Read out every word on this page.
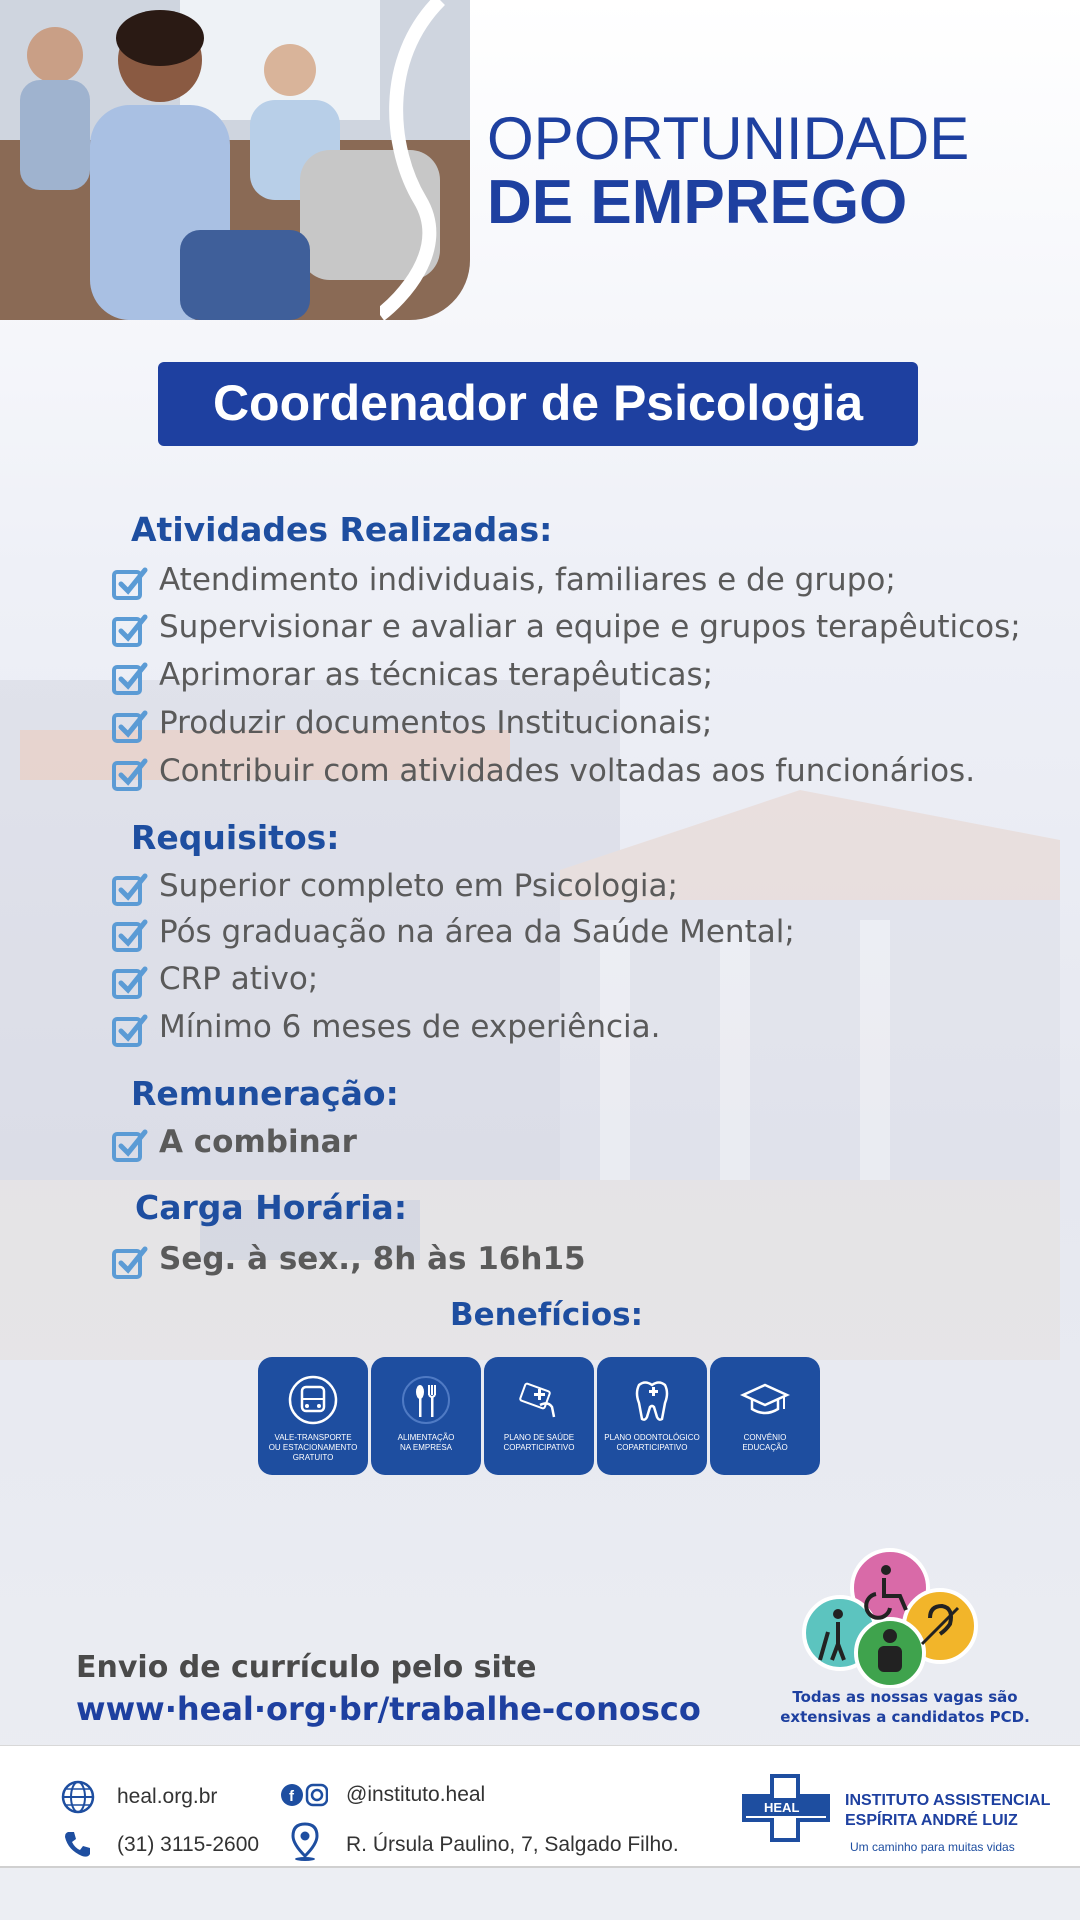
OPORTUNIDADE
DE EMPREGO
Coordenador de Psicologia
Atividades Realizadas:
Atendimento individuais, familiares e de grupo;
Supervisionar e avaliar a equipe e grupos terapêuticos;
Aprimorar as técnicas terapêuticas;
Produzir documentos Institucionais;
Contribuir com atividades voltadas aos funcionários.
Requisitos:
Superior completo em Psicologia;
Pós graduação na área da Saúde Mental;
CRP ativo;
Mínimo 6 meses de experiência.
Remuneração:
A combinar
Carga Horária:
Seg. à sex., 8h às 16h15
Benefícios:
VALE-TRANSPORTE
OU ESTACIONAMENTO
GRATUITO
ALIMENTAÇÃO
NA EMPRESA
PLANO DE SAÚDE
COPARTICIPATIVO
PLANO ODONTOLÓGICO
COPARTICIPATIVO
CONVÊNIO
EDUCAÇÃO
Envio de currículo pelo site
www·heal·org·br/trabalhe-conosco	Todas as nossas vagas são
extensivas a candidatos PCD.
heal.org.br	f @instituto.heal
(31) 3115-2600	R. Úrsula Paulino, 7, Salgado Filho.
HEAL	INSTITUTO ASSISTENCIAL
ESPÍRITA ANDRÉ LUIZ
Um caminho para muitas vidas
